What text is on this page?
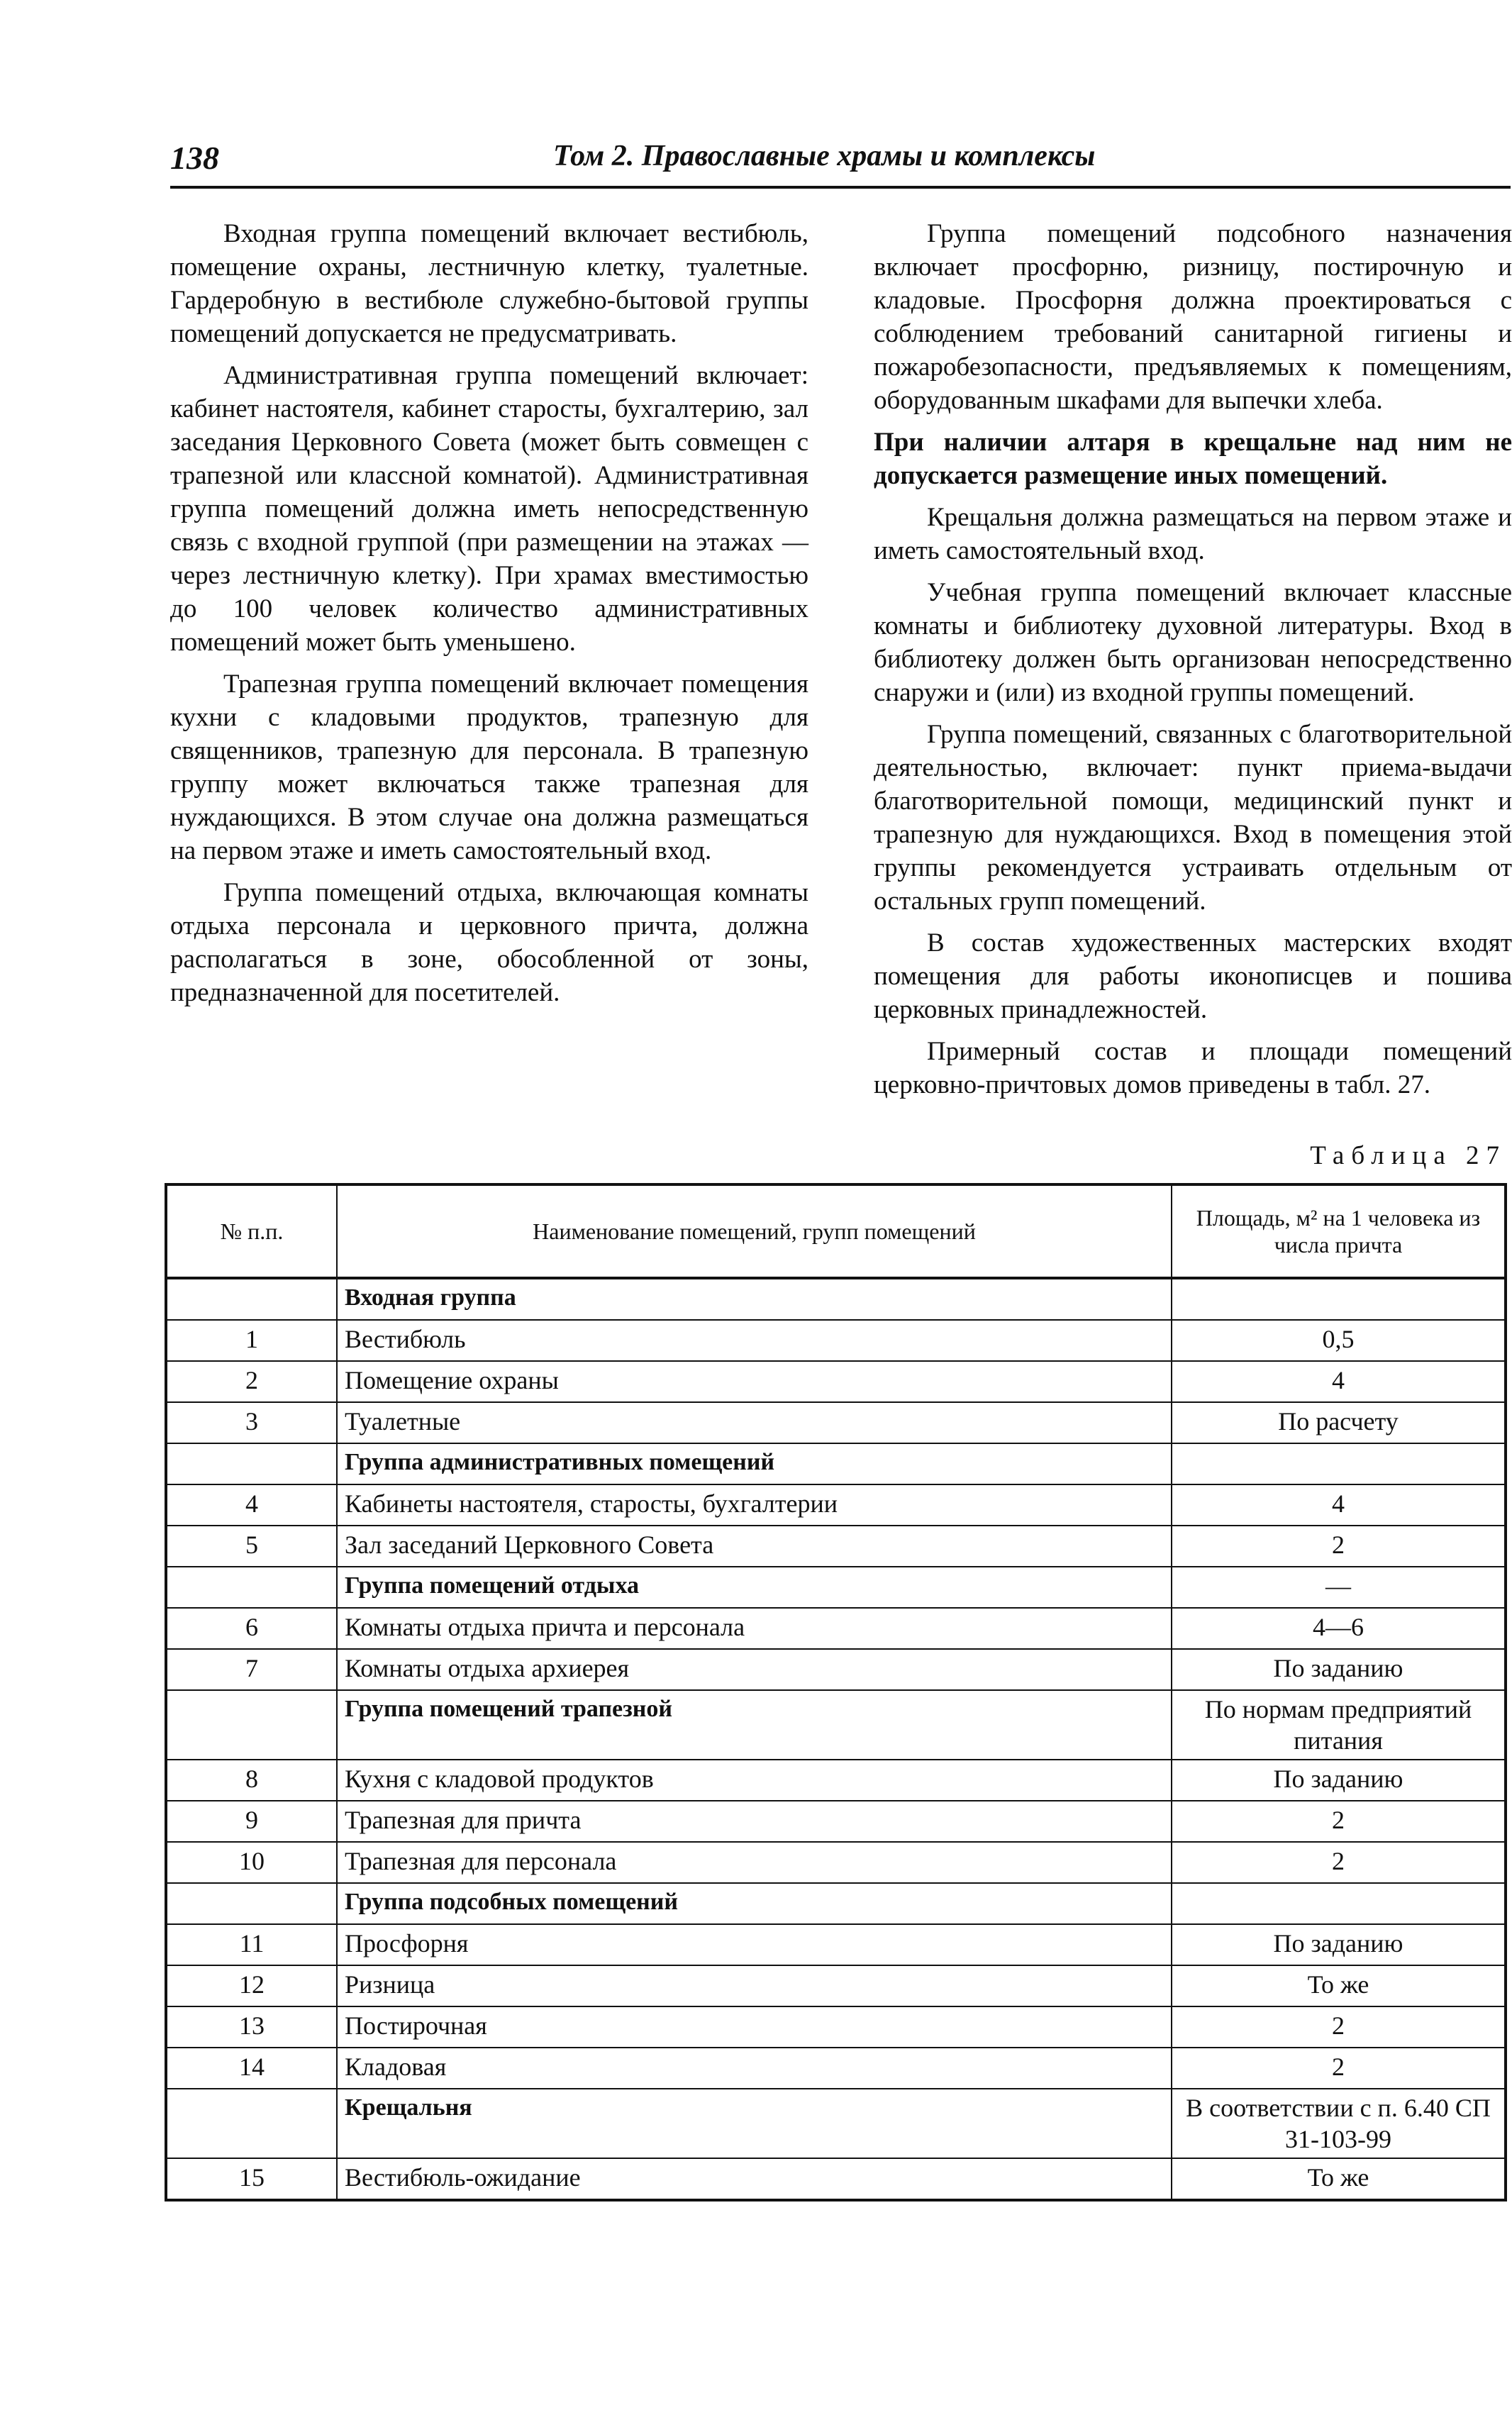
138	Том 2. Православные храмы и комплексы

Входная группа помещений включает вестибюль, помещение охраны, лестничную клетку, туалетные. Гардеробную в вестибюле служебно-бытовой группы помещений допускается не предусматривать.

Административная группа помещений включает: кабинет настоятеля, кабинет старосты, бухгалтерию, зал заседания Церковного Совета (может быть совмещен с трапезной или классной комнатой). Административная группа помещений должна иметь непосредственную связь с входной группой (при размещении на этажах — через лестничную клетку). При храмах вместимостью до 100 человек количество административных помещений может быть уменьшено.

Трапезная группа помещений включает помещения кухни с кладовыми продуктов, трапезную для священников, трапезную для персонала. В трапезную группу может включаться также трапезная для нуждающихся. В этом случае она должна размещаться на первом этаже и иметь самостоятельный вход.

Группа помещений отдыха, включающая комнаты отдыха персонала и церковного причта, должна располагаться в зоне, обособленной от зоны, предназначенной для посетителей.

Группа помещений подсобного назначения включает просфорню, ризницу, постирочную и кладовые. Просфорня должна проектироваться с соблюдением требований санитарной гигиены и пожаробезопасности, предъявляемых к помещениям, оборудованным шкафами для выпечки хлеба.

При наличии алтаря в крещальне над ним не допускается размещение иных помещений.

Крещальня должна размещаться на первом этаже и иметь самостоятельный вход.

Учебная группа помещений включает классные комнаты и библиотеку духовной литературы. Вход в библиотеку должен быть организован непосредственно снаружи и (или) из входной группы помещений.

Группа помещений, связанных с благотворительной деятельностью, включает: пункт приема-выдачи благотворительной помощи, медицинский пункт и трапезную для нуждающихся. Вход в помещения этой группы рекомендуется устраивать отдельным от остальных групп помещений.

В состав художественных мастерских входят помещения для работы иконописцев и пошива церковных принадлежностей.

Примерный состав и площади помещений церковно-причтовых домов приведены в табл. 27.

Таблица 27
№ п.п.	Наименование помещений, групп помещений	Площадь, м² на 1 человека из числа причта
	Входная группа	
1	Вестибюль	0,5
2	Помещение охраны	4
3	Туалетные	По расчету
	Группа административных помещений	
4	Кабинеты настоятеля, старосты, бухгалтерии	4
5	Зал заседаний Церковного Совета	2
	Группа помещений отдыха	—
6	Комнаты отдыха причта и персонала	4—6
7	Комнаты отдыха архиерея	По заданию
	Группа помещений трапезной	По нормам предприятий питания
8	Кухня с кладовой продуктов	По заданию
9	Трапезная для причта	2
10	Трапезная для персонала	2
	Группа подсобных помещений	
11	Просфорня	По заданию
12	Ризница	То же
13	Постирочная	2
14	Кладовая	2
	Крещальня	В соответствии с п. 6.40 СП 31-103-99
15	Вестибюль-ожидание	То же
